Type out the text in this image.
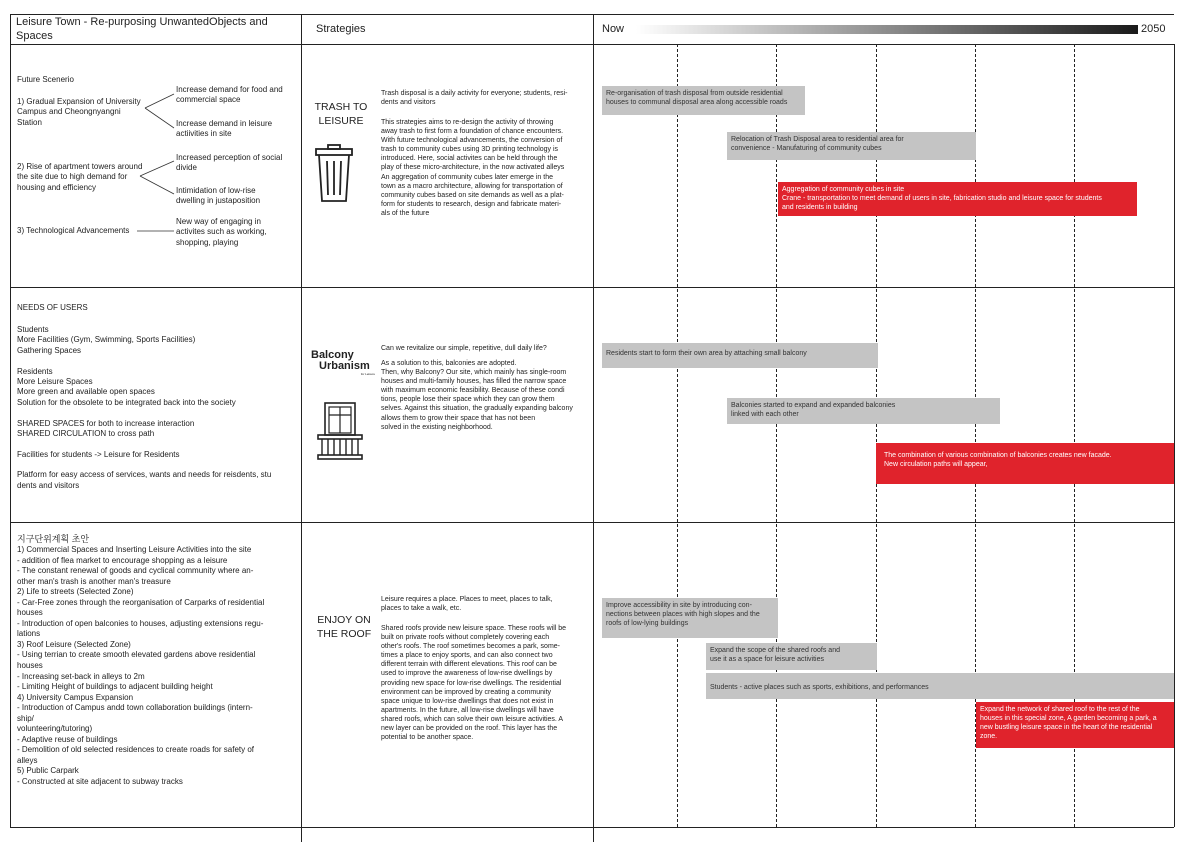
Leisure Town - Re-purposing UnwantedObjects and Spaces
Strategies	Now	2050
Future Scenerio
1) Gradual Expansion of University
Campus and Cheongnyangni
Station
Increase demand for food and
commercial space
Increase demand in leisure
actiivities in site
2) Rise of apartment towers around
the site due to high demand for
housing and efficiency
Increased perception of social
divide
Intimidation of low-rise
dwelling in justaposition
3) Technological Advancements
New way of engaging in
activites such as working,
shopping, playing
TRASH TO
LEISURE
Trash disposal is a daily activity for everyone; students, resi-
dents and visitors
This strategies aims to re-design the activity of throwing
away trash to first form a foundation of chance encounters.
With future technological advancements, the conversion of
trash to community cubes using 3D printing technology is
introduced. Here, social activites can be held through the
play of these micro-architecture, in the now activated alleys
An aggregation of community cubes later emerge in the
town as a macro architecture, allowing for transportation of
community cubes based on site demands as well as a plat-
form for students to research, design and fabricate materi-
als of the future
Re-organisation of trash disposal from outside residential
houses to communal disposal area along accessible roads
Relocation of Trash Disposal area to residential area for
convenience - Manufaturing of community cubes
Aggregation of community cubes in site
Crane - transportation to meet demand of users in site, fabrication studio and leisure space for students
and residents in building
NEEDS OF USERS
Students
More Facilities (Gym, Swimming, Sports Facilities)
Gathering Spaces

Residents
More Leisure Spaces
More green and available open spaces
Solution for the obsolete to be integrated back into the society

SHARED SPACES for both to increase interaction
SHARED CIRCULATION to cross path

Facilities for students -> Leisure for Residents

Platform for easy access of services, wants and needs for reisdents, stu
dents and visitors
Balcony
Urbanism
for Leisure
Can we revitalize our simple, repetitive, dull daily life?
As a solution to this, balconies are adopted.
Then, why Balcony? Our site, which mainly has single-room
houses and multi-family houses, has filled the narrow space
with maximum economic feasibility. Because of these condi
tions, people lose their space which they can grow them
selves. Against this situation, the gradually expanding balcony
allows them to grow their space that has not been
solved in the existing neighborhood.
Residents start to form their own area by attaching small balcony
Balconies started to expand and expanded balconies
linked with each other
The combination of various combination of balconies creates new facade.
New circulation paths will appear,
지구단위계획 초안
1) Commercial Spaces and Inserting Leisure Activities into the site
- addition of flea market to encourage shopping as a leisure
- The constant renewal of goods and cyclical community where an-
other man's trash is another man's treasure
2) Life to streets (Selected Zone)
- Car-Free zones through the reorganisation of Carparks of residential
houses
- Introduction of open balconies to houses, adjusting extensions regu-
lations
3) Roof Leisure (Selected Zone)
- Using terrian to create smooth elevated gardens above residential
houses
- Increasing set-back in alleys to 2m
- Limiting Height of buildings to adjacent building height
4) University Campus Expansion
- Introduction of Campus andd town collaboration buildings (intern-
ship/
volunteering/tutoring)
- Adaptive reuse of buildings
- Demolition of old selected residences to create roads for safety of
alleys
5) Public Carpark
- Constructed at site adjacent to subway tracks
ENJOY ON
THE ROOF
Leisure requires a place. Places to meet, places to talk,
places to take a walk, etc.
Shared roofs provide new leisure space. These roofs will be
built on private roofs without completely covering each
other's roofs. The roof sometimes becomes a park, some-
times a place to enjoy sports, and can also connect two
different terrain with different elevations. This roof can be
used to improve the awareness of low-rise dwellings by
providing new space for low-rise dwellings. The residential
environment can be improved by creating a community
space unique to low-rise dwellings that does not exist in
apartments. In the future, all low-rise dwellings will have
shared roofs, which can solve their own leisure activities. A
new layer can be provided on the roof. This layer has the
potential to be another space.
Improve accessibility in site by introducing con-
nections between places with high slopes and the
roofs of low-lying buildings
Expand the scope of the shared roofs and
use it as a space for leisure activities
Students - active places such as sports, exhibitions, and performances
Expand the network of shared roof to the rest of the
houses in this special zone, A garden becoming a park, a
new bustling leisure space in the heart of the residential
zone.
